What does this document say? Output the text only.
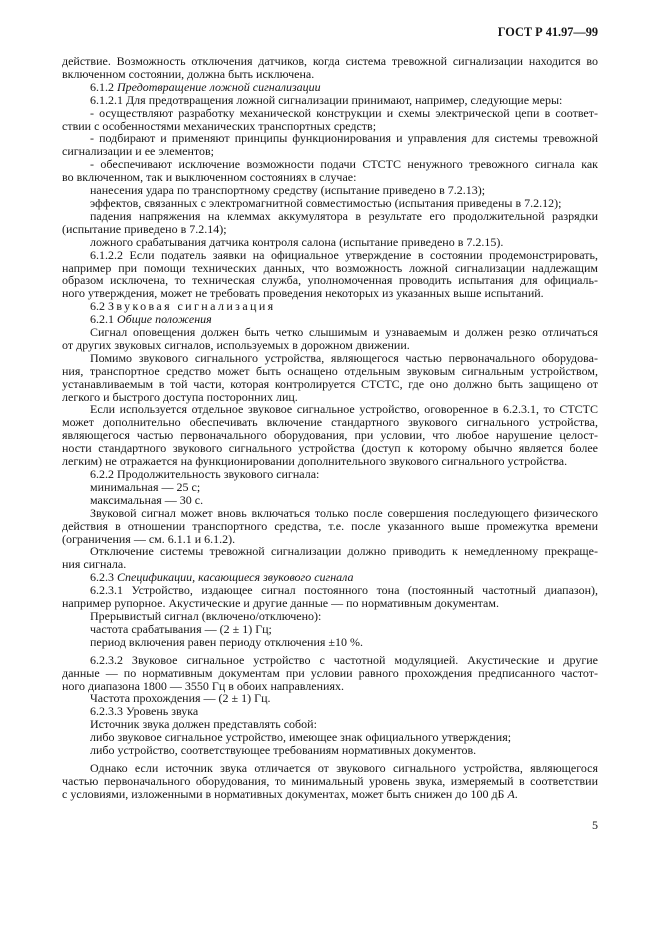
ГОСТ Р 41.97—99
действие. Возможность отключения датчиков, когда система тревожной сигнализации находится во
включенном состоянии, должна быть исключена.
6.1.2 Предотвращение ложной сигнализации
6.1.2.1 Для предотвращения ложной сигнализации принимают, например, следующие меры:
- осуществляют разработку механической конструкции и схемы электрической цепи в соответ-
ствии с особенностями механических транспортных средств;
- подбирают и применяют принципы функционирования и управления для системы тревожной
сигнализации и ее элементов;
- обеспечивают исключение возможности подачи СТСТС ненужного тревожного сигнала как
во включенном, так и выключенном состояниях в случае:
нанесения удара по транспортному средству (испытание приведено в 7.2.13);
эффектов, связанных с электромагнитной совместимостью (испытания приведены в 7.2.12);
падения напряжения на клеммах аккумулятора в результате его продолжительной разрядки
(испытание приведено в 7.2.14);
ложного срабатывания датчика контроля салона (испытание приведено в 7.2.15).
6.1.2.2 Если податель заявки на официальное утверждение в состоянии продемонстрировать,
например при помощи технических данных, что возможность ложной сигнализации надлежащим
образом исключена, то техническая служба, уполномоченная проводить испытания для официаль-
ного утверждения, может не требовать проведения некоторых из указанных выше испытаний.
6.2 Звуковая сигнализация
6.2.1 Общие положения
Сигнал оповещения должен быть четко слышимым и узнаваемым и должен резко отличаться
от других звуковых сигналов, используемых в дорожном движении.
Помимо звукового сигнального устройства, являющегося частью первоначального оборудова-
ния, транспортное средство может быть оснащено отдельным звуковым сигнальным устройством,
устанавливаемым в той части, которая контролируется СТСТС, где оно должно быть защищено от
легкого и быстрого доступа посторонних лиц.
Если используется отдельное звуковое сигнальное устройство, оговоренное в 6.2.3.1, то СТСТС
может дополнительно обеспечивать включение стандартного звукового сигнального устройства,
являющегося частью первоначального оборудования, при условии, что любое нарушение целост-
ности стандартного звукового сигнального устройства (доступ к которому обычно является более
легким) не отражается на функционировании дополнительного звукового сигнального устройства.
6.2.2 Продолжительность звукового сигнала:
минимальная — 25 с;
максимальная — 30 с.
Звуковой сигнал может вновь включаться только после совершения последующего физического
действия в отношении транспортного средства, т.е. после указанного выше промежутка времени
(ограничения — см. 6.1.1 и 6.1.2).
Отключение системы тревожной сигнализации должно приводить к немедленному прекраще-
ния сигнала.
6.2.3 Спецификации, касающиеся звукового сигнала
6.2.3.1 Устройство, издающее сигнал постоянного тона (постоянный частотный диапазон),
например рупорное. Акустические и другие данные — по нормативным документам.
Прерывистый сигнал (включено/отключено):
частота срабатывания — (2 ± 1) Гц;
период включения равен периоду отключения ±10 %.
6.2.3.2 Звуковое сигнальное устройство с частотной модуляцией. Акустические и другие
данные — по нормативным документам при условии равного прохождения предписанного частот-
ного диапазона 1800 — 3550 Гц в обоих направлениях.
Частота прохождения — (2 ± 1) Гц.
6.2.3.3 Уровень звука
Источник звука должен представлять собой:
либо звуковое сигнальное устройство, имеющее знак официального утверждения;
либо устройство, соответствующее требованиям нормативных документов.
Однако если источник звука отличается от звукового сигнального устройства, являющегося
частью первоначального оборудования, то минимальный уровень звука, измеряемый в соответствии
с условиями, изложенными в нормативных документах, может быть снижен до 100 дБ А.
5
